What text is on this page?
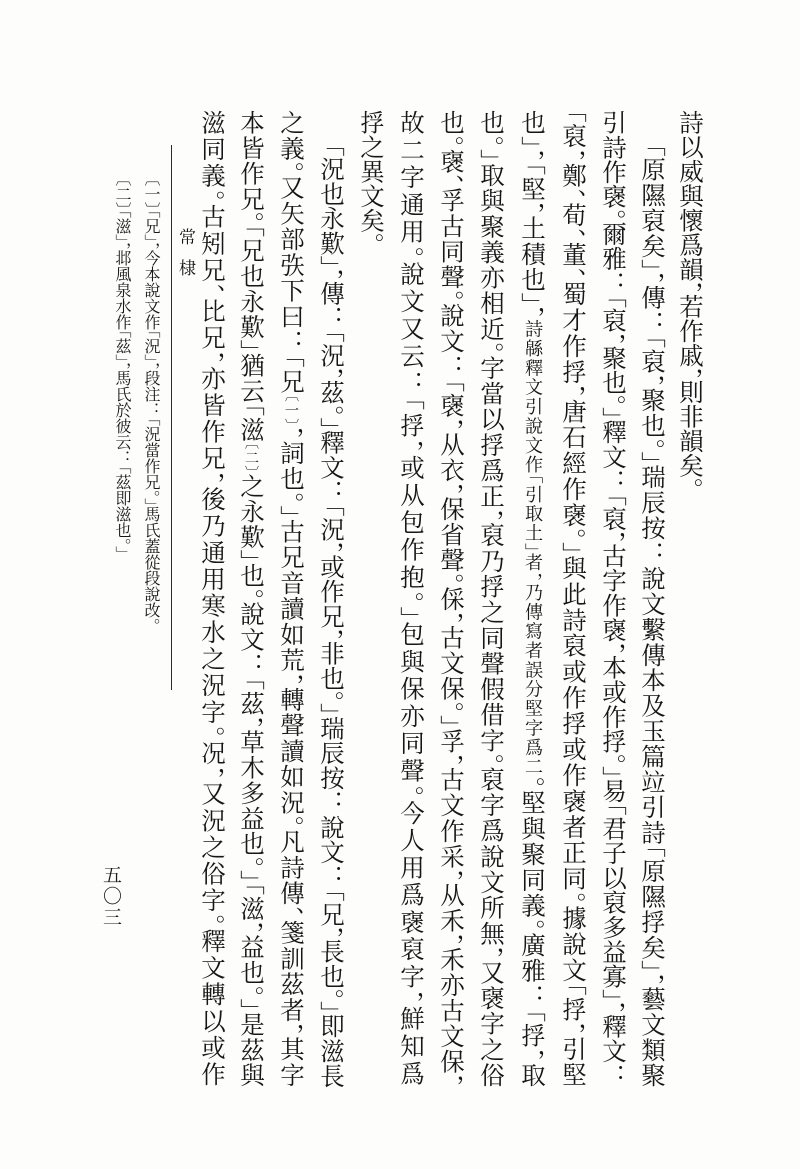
詩以威與懷爲韻，若作戚，則非韻矣。
「原隰裒矣」，傳：「裒，聚也。」瑞辰按：說文繫傳本及玉篇竝引詩「原隰捊矣」，藝文類聚
引詩作襃。爾雅：「裒，聚也。」釋文：「裒，古字作襃，本或作捊。」易「君子以裒多益寡」，釋文：
「裒，鄭、荀、董、蜀才作捊，唐石經作襃。」與此詩裒或作捊或作襃者正同。據說文「捊，引堅
也」，「堅，土積也」，詩緜釋文引說文作「引取土」者，乃傳寫者誤分堅字爲二。堅與聚同義。廣雅：「捊，取
也。」取與聚義亦相近。字當以捊爲正，裒乃捊之同聲假借字。裒字爲說文所無，又襃字之俗
也。襃、孚古同聲。說文：「襃，从衣，保省聲。倸，古文保。」孚，古文作采，从禾，禾亦古文保，
故二字通用。說文又云：「捊，或从包作抱。」包與保亦同聲。今人用爲襃裒字，鮮知爲
捊之異文矣。
「況也永歎」，傳：「況，茲。」釋文：「況，或作兄，非也。」瑞辰按：說文：「兄，長也。」即滋長
之義。又矢部矤下曰：「兄〔一〕，詞也。」古兄音讀如荒，轉聲讀如況。凡詩傳、箋訓茲者，其字
本皆作兄。「兄也永歎」猶云「滋〔二〕之永歎」也。說文：「茲，草木多益也。」「滋，益也。」是茲與
滋同義。古矧兄、比兄，亦皆作兄，後乃通用寒水之況字。况，又況之俗字。釋文轉以或作
常棣
〔一〕「兄」，今本說文作「況」，段注：「況當作兄。」馬氏蓋從段說改。
〔二〕「滋」，邶風泉水作「茲」，馬氏於彼云：「茲即滋也。」
五〇三
